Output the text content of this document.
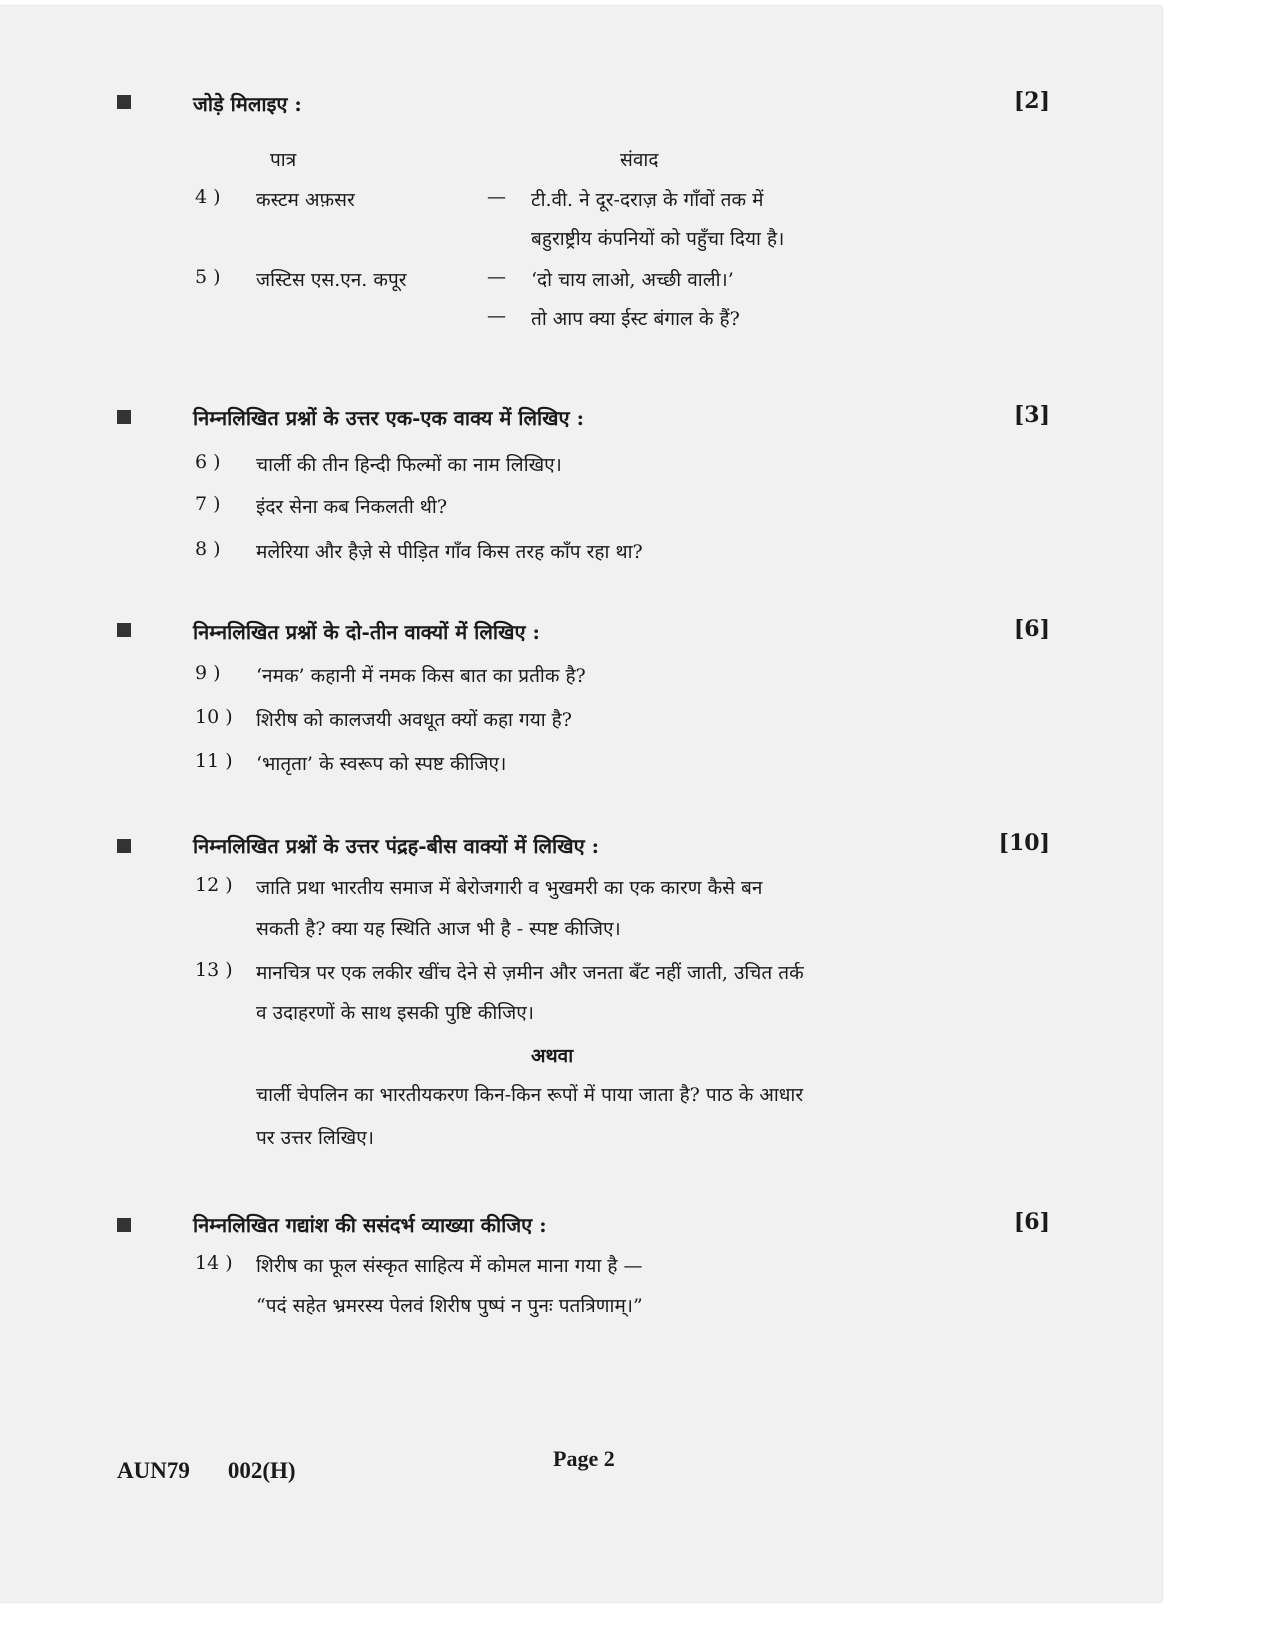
जोड़े मिलाइए :	[2]
पात्र	संवाद
4 ) कस्टम अफ़सर	— टी.वी. ने दूर-दराज़ के गाँवों तक में
बहुराष्ट्रीय कंपनियों को पहुँचा दिया है।
5 ) जस्टिस एस.एन. कपूर	— ‘दो चाय लाओ, अच्छी वाली।’
— तो आप क्या ईस्ट बंगाल के हैं?
निम्नलिखित प्रश्नों के उत्तर एक-एक वाक्य में लिखिए :	[3]
6 ) चार्ली की तीन हिन्दी फिल्मों का नाम लिखिए।
7 ) इंदर सेना कब निकलती थी?
8 ) मलेरिया और हैज़े से पीड़ित गाँव किस तरह काँप रहा था?
निम्नलिखित प्रश्नों के दो-तीन वाक्यों में लिखिए :	[6]
9 ) ‘नमक’ कहानी में नमक किस बात का प्रतीक है?
10 ) शिरीष को कालजयी अवधूत क्यों कहा गया है?
11 ) ‘भातृता’ के स्वरूप को स्पष्ट कीजिए।
निम्नलिखित प्रश्नों के उत्तर पंद्रह-बीस वाक्यों में लिखिए :	[10]
12 ) जाति प्रथा भारतीय समाज में बेरोजगारी व भुखमरी का एक कारण कैसे बन
सकती है? क्या यह स्थिति आज भी है - स्पष्ट कीजिए।
13 ) मानचित्र पर एक लकीर खींच देने से ज़मीन और जनता बँट नहीं जाती, उचित तर्क
व उदाहरणों के साथ इसकी पुष्टि कीजिए।
अथवा
चार्ली चेपलिन का भारतीयकरण किन-किन रूपों में पाया जाता है? पाठ के आधार
पर उत्तर लिखिए।
निम्नलिखित गद्यांश की ससंदर्भ व्याख्या कीजिए :	[6]
14 ) शिरीष का फूल संस्कृत साहित्य में कोमल माना गया है —
“पदं सहेत भ्रमरस्य पेलवं शिरीष पुष्पं न पुनः पतत्रिणाम्।”
AUN79 002(H)	Page 2
